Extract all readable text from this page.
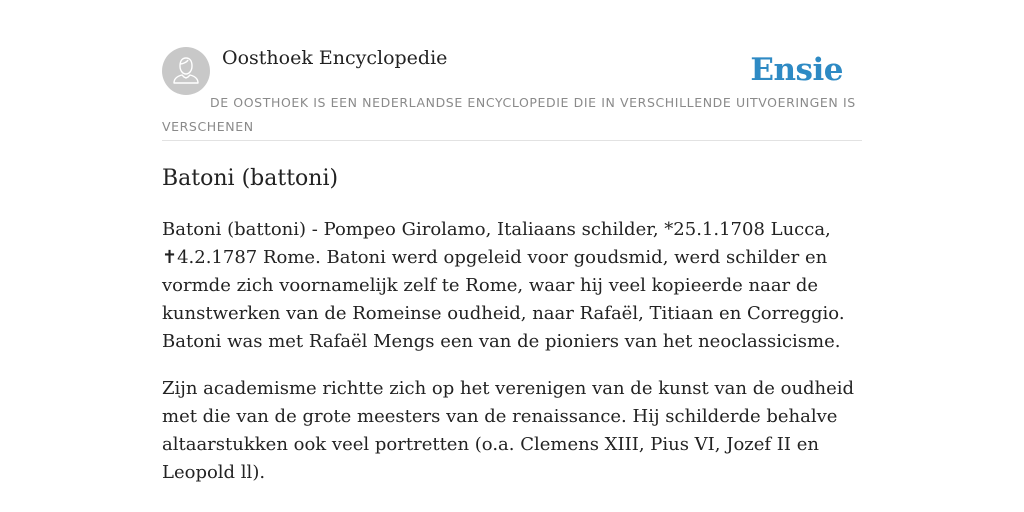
Oosthoek Encyclopedie	Ensie
DE OOSTHOEK IS EEN NEDERLANDSE ENCYCLOPEDIE DIE IN VERSCHILLENDE UITVOERINGEN IS VERSCHENEN
Batoni (battoni)

Batoni (battoni) - Pompeo Girolamo, Italiaans schilder, *25.1.1708 Lucca, ✝4.2.1787 Rome. Batoni werd opgeleid voor goudsmid, werd schilder en vormde zich voornamelijk zelf te Rome, waar hij veel kopieerde naar de kunstwerken van de Romeinse oudheid, naar Rafaël, Titiaan en Correggio. Batoni was met Rafaël Mengs een van de pioniers van het neoclassicisme.

Zijn academisme richtte zich op het verenigen van de kunst van de oudheid met die van de grote meesters van de renaissance. Hij schilderde behalve altaarstukken ook veel portretten (o.a. Clemens XIII, Pius VI, Jozef II en Leopold ll).
